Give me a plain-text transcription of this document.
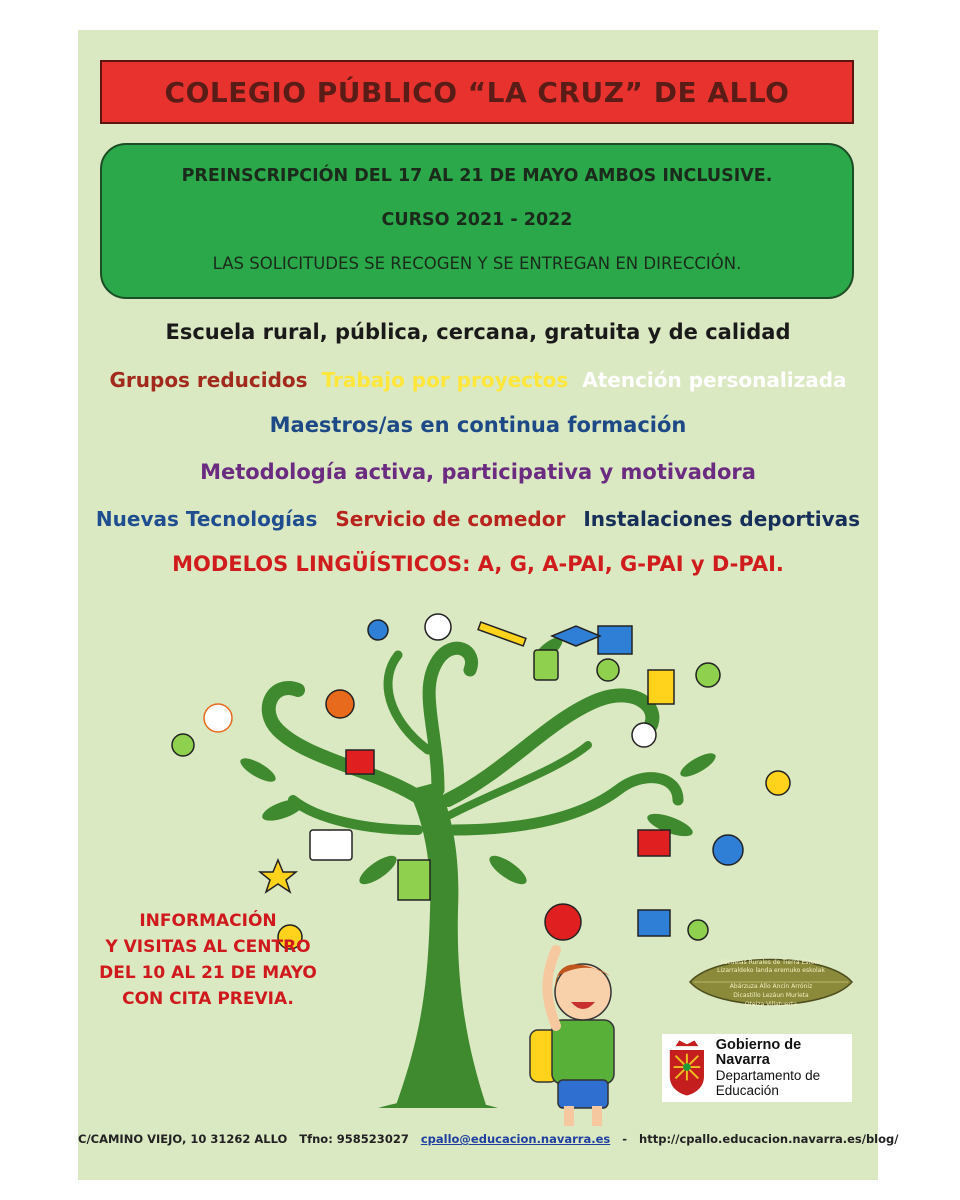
COLEGIO PÚBLICO “LA CRUZ” DE ALLO
PREINSCRIPCIÓN DEL 17 AL 21 DE MAYO AMBOS INCLUSIVE.
CURSO 2021 - 2022
LAS SOLICITUDES SE RECOGEN Y SE ENTREGAN EN DIRECCIÓN.
Escuela rural, pública, cercana, gratuita y de calidad
Grupos reducidos Trabajo por proyectos Atención personalizada
Maestros/as en continua formación
Metodología activa, participativa y motivadora
Nuevas Tecnologías Servicio de comedor Instalaciones deportivas
MODELOS LINGÜÍSTICOS: A, G, A-PAI, G-PAI y D-PAI.
INFORMACIÓN
Y VISITAS AL CENTRO
DEL 10 AL 21 DE MAYO
CON CITA PREVIA.
Escuelas Rurales de Tierra Estella
Lizarraldeko landa eremuko eskolak
Abárzuza Allo Ancín Arróniz
Dicastillo Lezáun Murieta
Oteiza Villatuerta
Gobierno de Navarra
Departamento de
Educación
C/CAMINO VIEJO, 10 31262 ALLO Tfno: 958523027 cpallo@educacion.navarra.es - http://cpallo.educacion.navarra.es/blog/
